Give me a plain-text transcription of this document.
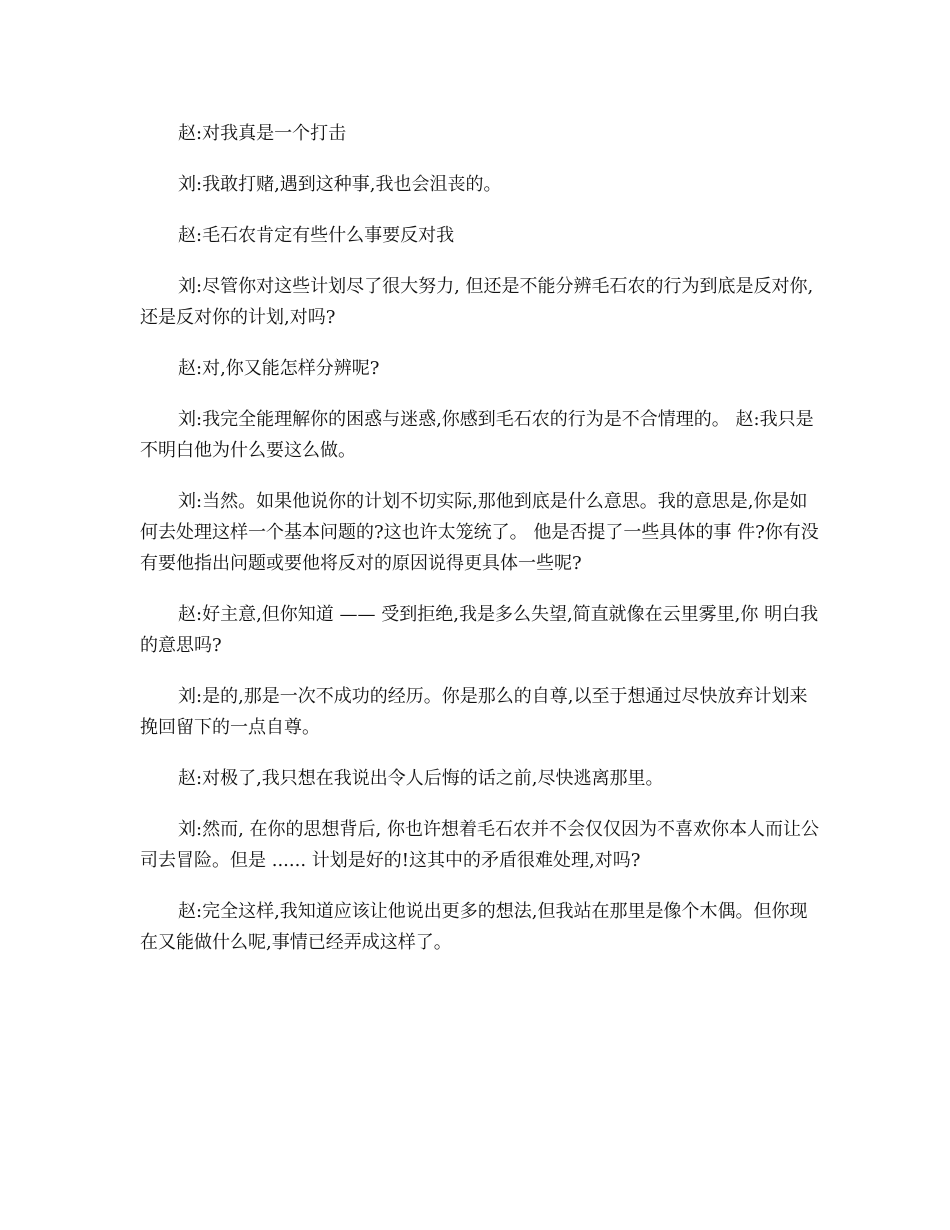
赵:对我真是一个打击

刘:我敢打赌,遇到这种事,我也会沮丧的。

赵:毛石农肯定有些什么事要反对我

刘:尽管你对这些计划尽了很大努力, 但还是不能分辨毛石农的行为到底是反对你,还是反对你的计划,对吗?

赵:对,你又能怎样分辨呢?

刘:我完全能理解你的困惑与迷惑,你感到毛石农的行为是不合情理的。 赵:我只是不明白他为什么要这么做。

刘:当然。如果他说你的计划不切实际,那他到底是什么意思。我的意思是,你是如何去处理这样一个基本问题的?这也许太笼统了。 他是否提了一些具体的事 件?你有没有要他指出问题或要他将反对的原因说得更具体一些呢?

赵:好主意,但你知道 —— 受到拒绝,我是多么失望,简直就像在云里雾里,你 明白我的意思吗?

刘:是的,那是一次不成功的经历。你是那么的自尊,以至于想通过尽快放弃计划来挽回留下的一点自尊。

赵:对极了,我只想在我说出令人后悔的话之前,尽快逃离那里。

刘:然而, 在你的思想背后, 你也许想着毛石农并不会仅仅因为不喜欢你本人而让公司去冒险。但是 ...... 计划是好的!这其中的矛盾很难处理,对吗?

赵:完全这样,我知道应该让他说出更多的想法,但我站在那里是像个木偶。但你现在又能做什么呢,事情已经弄成这样了。
